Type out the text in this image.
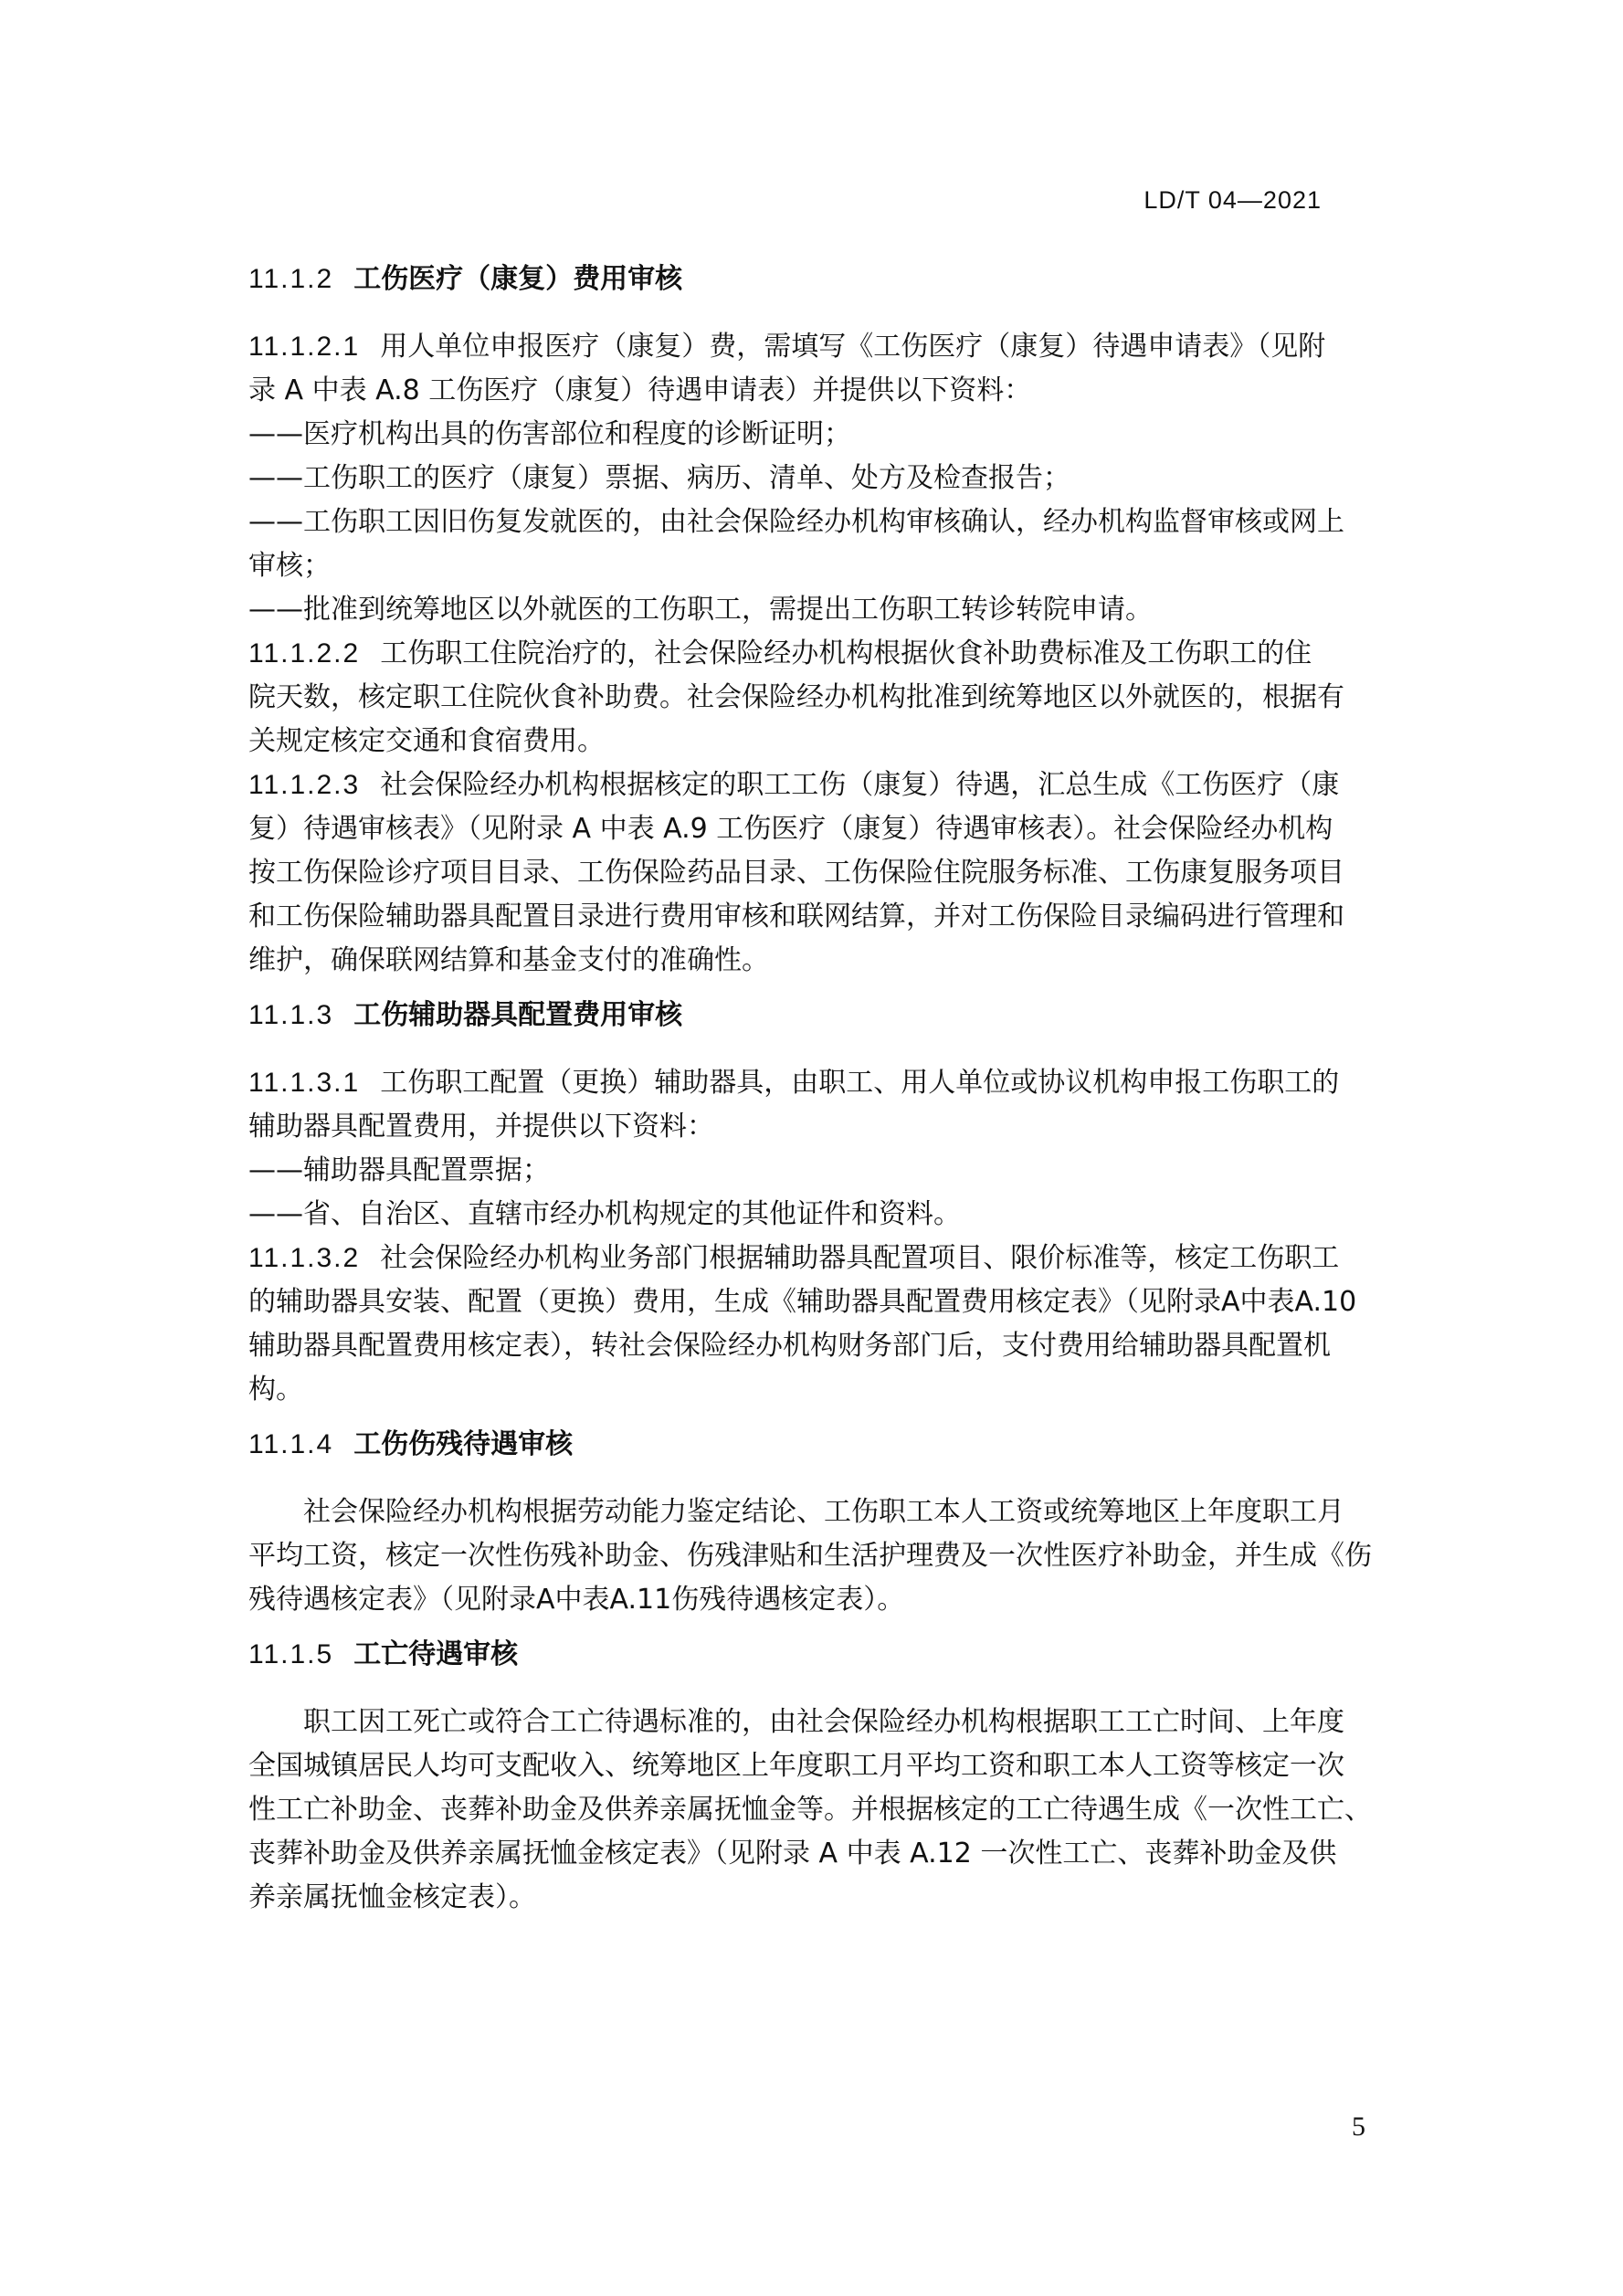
LD/T 04—2021
11.1.2 工伤医疗（康复）费用审核
11.1.2.1 用人单位申报医疗（康复）费，需填写《工伤医疗（康复）待遇申请表》（见附
录 A 中表 A.8 工伤医疗（康复）待遇申请表）并提供以下资料：
——医疗机构出具的伤害部位和程度的诊断证明；
——工伤职工的医疗（康复）票据、病历、清单、处方及检查报告；
——工伤职工因旧伤复发就医的，由社会保险经办机构审核确认，经办机构监督审核或网上
审核；
——批准到统筹地区以外就医的工伤职工，需提出工伤职工转诊转院申请。
11.1.2.2 工伤职工住院治疗的，社会保险经办机构根据伙食补助费标准及工伤职工的住
院天数，核定职工住院伙食补助费。社会保险经办机构批准到统筹地区以外就医的，根据有
关规定核定交通和食宿费用。
11.1.2.3 社会保险经办机构根据核定的职工工伤（康复）待遇，汇总生成《工伤医疗（康
复）待遇审核表》（见附录 A 中表 A.9 工伤医疗（康复）待遇审核表）。社会保险经办机构
按工伤保险诊疗项目目录、工伤保险药品目录、工伤保险住院服务标准、工伤康复服务项目
和工伤保险辅助器具配置目录进行费用审核和联网结算，并对工伤保险目录编码进行管理和
维护，确保联网结算和基金支付的准确性。
11.1.3 工伤辅助器具配置费用审核
11.1.3.1 工伤职工配置（更换）辅助器具，由职工、用人单位或协议机构申报工伤职工的
辅助器具配置费用，并提供以下资料：
——辅助器具配置票据；
——省、自治区、直辖市经办机构规定的其他证件和资料。
11.1.3.2 社会保险经办机构业务部门根据辅助器具配置项目、限价标准等，核定工伤职工
的辅助器具安装、配置（更换）费用，生成《辅助器具配置费用核定表》（见附录A中表A.10
辅助器具配置费用核定表），转社会保险经办机构财务部门后，支付费用给辅助器具配置机
构。
11.1.4 工伤伤残待遇审核
社会保险经办机构根据劳动能力鉴定结论、工伤职工本人工资或统筹地区上年度职工月
平均工资，核定一次性伤残补助金、伤残津贴和生活护理费及一次性医疗补助金，并生成《伤
残待遇核定表》（见附录A中表A.11伤残待遇核定表）。
11.1.5 工亡待遇审核
职工因工死亡或符合工亡待遇标准的，由社会保险经办机构根据职工工亡时间、上年度
全国城镇居民人均可支配收入、统筹地区上年度职工月平均工资和职工本人工资等核定一次
性工亡补助金、丧葬补助金及供养亲属抚恤金等。并根据核定的工亡待遇生成《一次性工亡、
丧葬补助金及供养亲属抚恤金核定表》（见附录 A 中表 A.12 一次性工亡、丧葬补助金及供
养亲属抚恤金核定表）。
5
